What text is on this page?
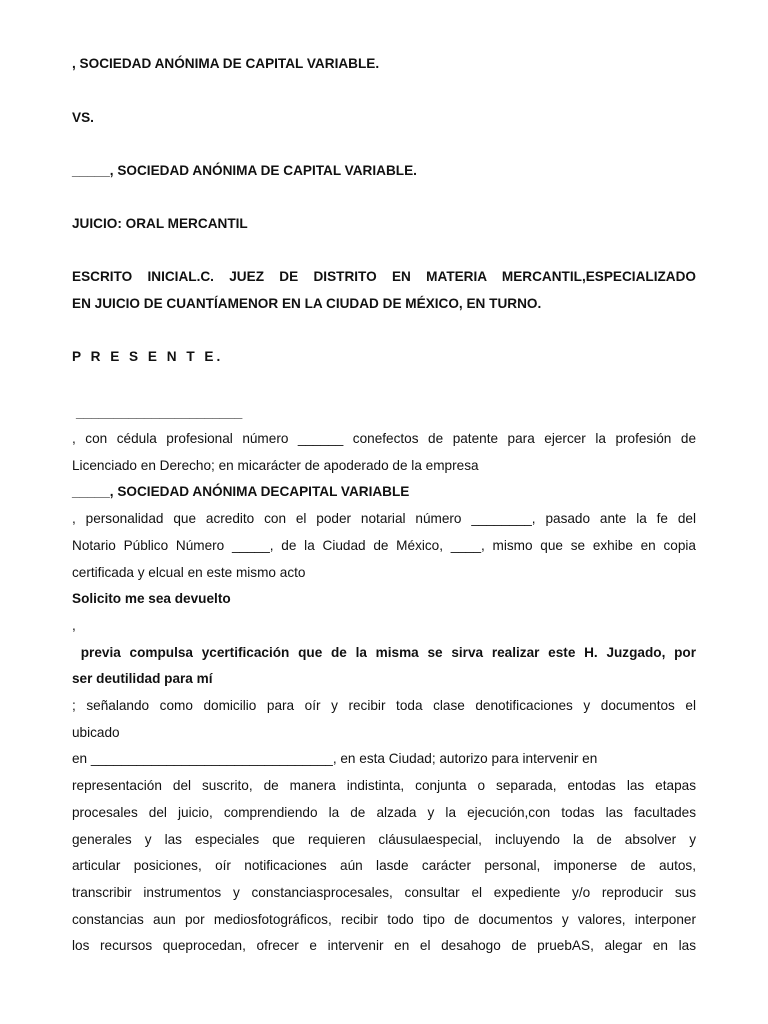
, SOCIEDAD ANÓNIMA DE CAPITAL VARIABLE.

VS.

_____, SOCIEDAD ANÓNIMA DE CAPITAL VARIABLE.

JUICIO: ORAL MERCANTIL

ESCRITO INICIAL.C. JUEZ DE DISTRITO EN MATERIA MERCANTIL,ESPECIALIZADO

EN JUICIO DE CUANTÍAMENOR EN LA CIUDAD DE MÉXICO, EN TURNO.

P R E S E N T E.

______________________

, con cédula profesional número ______ conefectos de patente para ejercer la profesión de

Licenciado en Derecho; en micarácter de apoderado de la empresa

_____, SOCIEDAD ANÓNIMA DECAPITAL VARIABLE

, personalidad que acredito con el poder notarial número ________, pasado ante la fe del

Notario Público Número _____, de la Ciudad de México, ____, mismo que se exhibe en copia

certificada y elcual en este mismo acto

Solicito me sea devuelto

,

previa compulsa ycertificación que de la misma se sirva realizar este H. Juzgado, por

ser deutilidad para mí

; señalando como domicilio para oír y recibir toda clase denotificaciones y documentos el

ubicado

en ________________________________, en esta Ciudad; autorizo para intervenir en

representación del suscrito, de manera indistinta, conjunta o separada, entodas las etapas

procesales del juicio, comprendiendo la de alzada y la ejecución,con todas las facultades

generales y las especiales que requieren cláusulaespecial, incluyendo la de absolver y

articular posiciones, oír notificaciones aún lasde carácter personal, imponerse de autos,

transcribir instrumentos y constanciasprocesales, consultar el expediente y/o reproducir sus

constancias aun por mediosfotográficos, recibir todo tipo de documentos y valores, interponer

los recursos queprocedan, ofrecer e intervenir en el desahogo de pruebAS, alegar en las
